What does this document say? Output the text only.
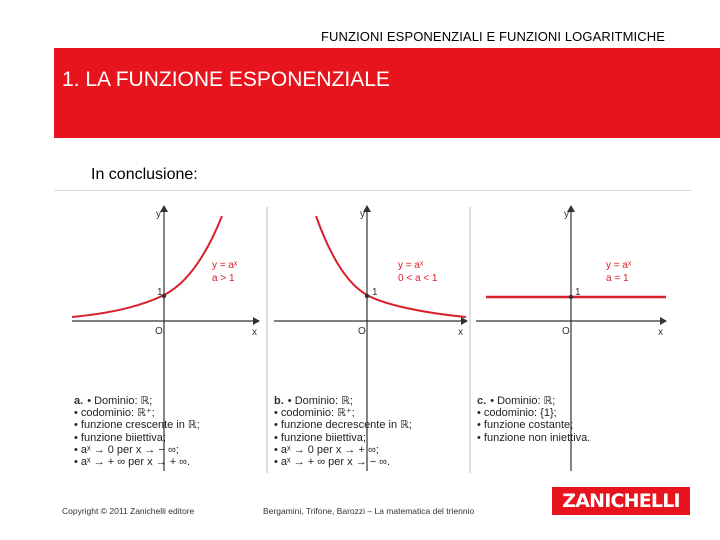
FUNZIONI ESPONENZIALI E FUNZIONI LOGARITMICHE
1. LA FUNZIONE ESPONENZIALE
In conclusione:
y
x
O
1
y = aˣ
a > 1
y
x
O
1
y = aˣ
0 < a < 1
y
x
O
1
y = aˣ
a = 1
a. • Dominio: ℝ;
• codominio: ℝ⁺;
• funzione crescente in ℝ;
• funzione biiettiva;
• aˣ → 0 per x → − ∞;
• aˣ → + ∞ per x → + ∞.
b. • Dominio: ℝ;
• codominio: ℝ⁺;
• funzione decrescente in ℝ;
• funzione biiettiva;
• aˣ → 0 per x → + ∞;
• aˣ → + ∞ per x → − ∞.
c. • Dominio: ℝ;
• codominio: {1};
• funzione costante;
• funzione non iniettiva.
Copyright © 2011 Zanichelli editore	Bergamini, Trifone, Barozzi – La matematica del triennio	ZANICHELLI
